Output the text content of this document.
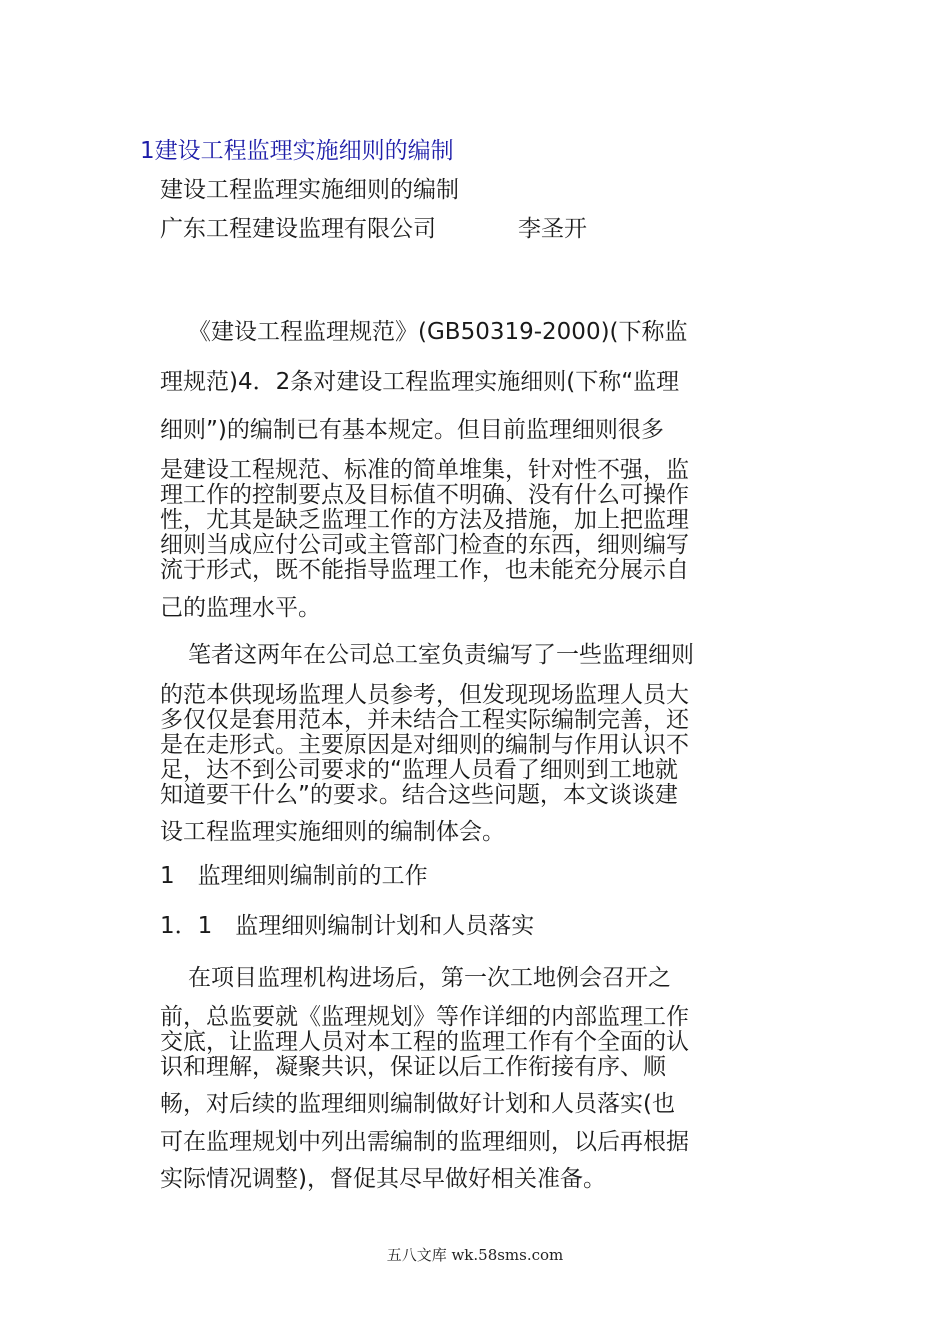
1建设工程监理实施细则的编制
建设工程监理实施细则的编制
广东工程建设监理有限公司	李圣开
《建设工程监理规范》(GB50319-2000)(下称监
理规范)4．2条对建设工程监理实施细则(下称“监理
细则”)的编制已有基本规定。但目前监理细则很多
是建设工程规范、标准的简单堆集，针对性不强，监
理工作的控制要点及目标值不明确、没有什么可操作
性，尤其是缺乏监理工作的方法及措施，加上把监理
细则当成应付公司或主管部门检查的东西，细则编写
流于形式，既不能指导监理工作，也未能充分展示自
己的监理水平。
笔者这两年在公司总工室负责编写了一些监理细则
的范本供现场监理人员参考，但发现现场监理人员大
多仅仅是套用范本，并未结合工程实际编制完善，还
是在走形式。主要原因是对细则的编制与作用认识不
足，达不到公司要求的“监理人员看了细则到工地就
知道要干什么”的要求。结合这些问题，本文谈谈建
设工程监理实施细则的编制体会。
1　监理细则编制前的工作
1．1　监理细则编制计划和人员落实
在项目监理机构进场后，第一次工地例会召开之
前，总监要就《监理规划》等作详细的内部监理工作
交底，让监理人员对本工程的监理工作有个全面的认
识和理解，凝聚共识，保证以后工作衔接有序、顺
畅，对后续的监理细则编制做好计划和人员落实(也
可在监理规划中列出需编制的监理细则，以后再根据
实际情况调整)，督促其尽早做好相关准备。
五八文库 wk.58sms.com
